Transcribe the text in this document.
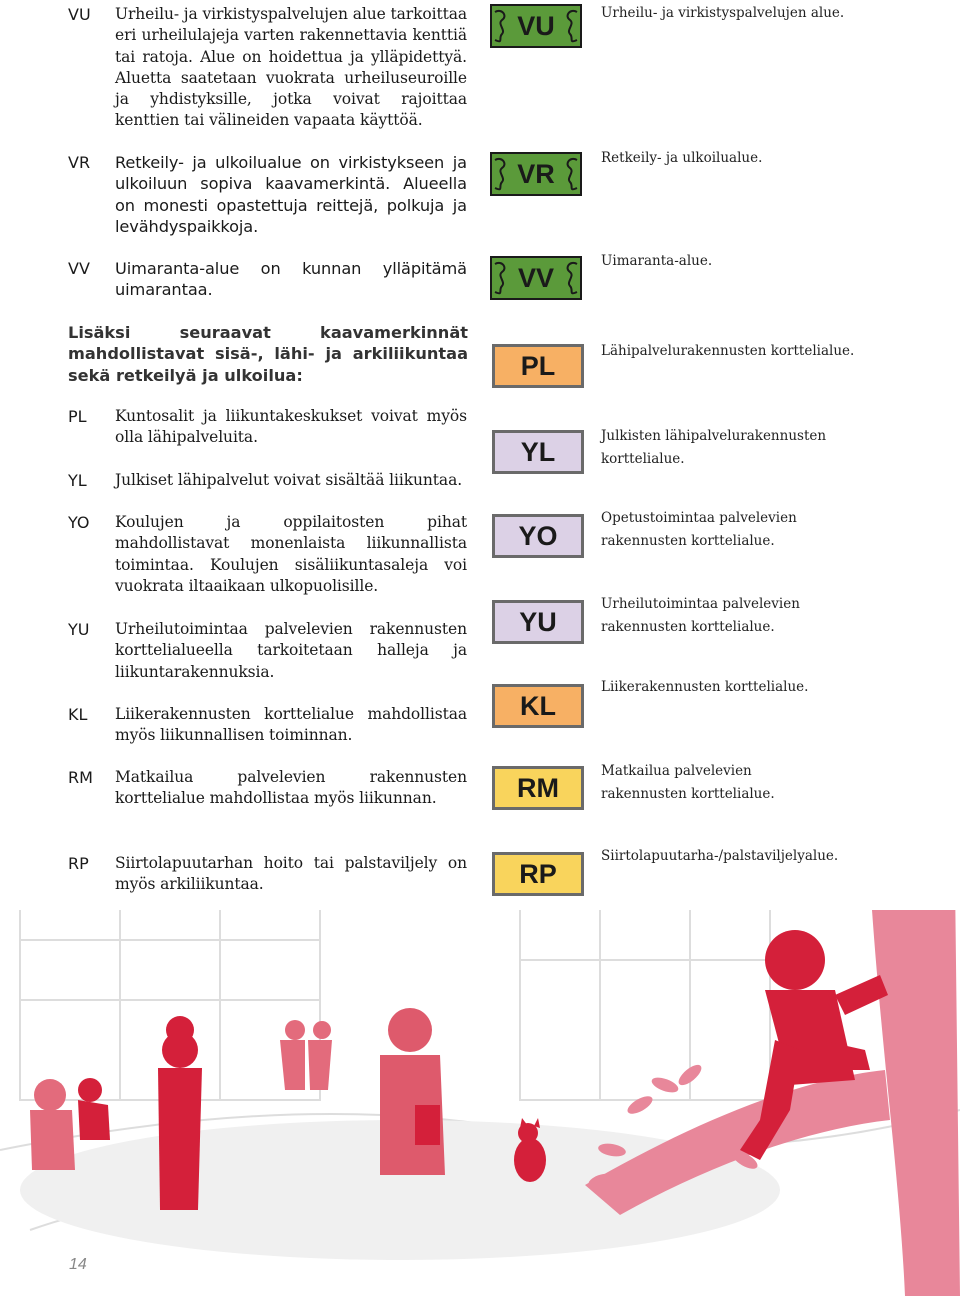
VU Urheilu- ja virkistyspalvelujen alue tarkoittaa eri urheilulajeja varten rakennettavia kenttiä tai ratoja. Alue on hoidettua ja ylläpidettyä. Aluetta saatetaan vuokrata urheiluseuroille ja yhdistyksille, jotka voivat rajoittaa kenttien tai välineiden vapaata käyttöä.
VR Retkeily- ja ulkoilualue on virkistykseen ja ulkoiluun sopiva kaavamerkintä. Alueella on monesti opastettuja reittejä, polkuja ja levähdyspaikkoja.
VV Uimaranta-alue on kunnan ylläpitämä uimarantaa.
Lisäksi seuraavat kaavamerkinnät mahdollistavat sisä-, lähi- ja arkiliikuntaa sekä retkeilyä ja ulkoilua:
PL Kuntosalit ja liikuntakeskukset voivat myös olla lähipalveluita.
YL Julkiset lähipalvelut voivat sisältää liikuntaa.
YO Koulujen ja oppilaitosten pihat mahdollistavat monenlaista liikunnallista toimintaa. Koulujen sisäliikuntasaleja voi vuokrata iltaaikaan ulkopuolisille.
YU Urheilutoimintaa palvelevien rakennusten korttelialueella tarkoitetaan halleja ja liikuntarakennuksia.
KL Liikerakennusten korttelialue mahdollistaa myös liikunnallisen toiminnan.
RM Matkailua palvelevien rakennusten korttelialue mahdollistaa myös liikunnan.
RP Siirtolapuutarhan hoito tai palstaviljely on myös arkiliikuntaa.
VU
VR
VV
PL
YL
YO
YU
KL
RM
RP
Urheilu- ja virkistyspalvelujen alue.
Retkeily- ja ulkoilualue.
Uimaranta-alue.
Lähipalvelurakennusten korttelialue.
Julkisten lähipalvelurakennusten korttelialue.
Opetustoimintaa palvelevien rakennusten korttelialue.
Urheilutoimintaa palvelevien rakennusten korttelialue.
Liikerakennusten korttelialue.
Matkailua palvelevien rakennusten korttelialue.
Siirtolapuutarha-/palstaviljelyalue.
14
